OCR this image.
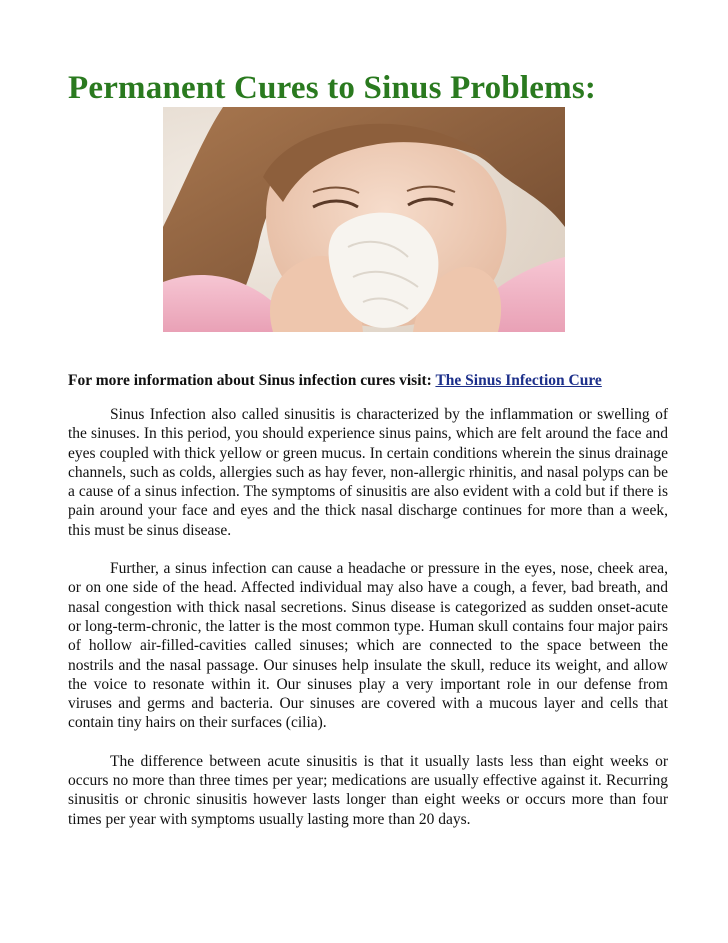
Permanent Cures to Sinus Problems:
For more information about Sinus infection cures visit: The Sinus Infection Cure

Sinus Infection also called sinusitis is characterized by the inflammation or swelling of the sinuses. In this period, you should experience sinus pains, which are felt around the face and eyes coupled with thick yellow or green mucus. In certain conditions wherein the sinus drainage channels, such as colds, allergies such as hay fever, non-allergic rhinitis, and nasal polyps can be a cause of a sinus infection. The symptoms of sinusitis are also evident with a cold but if there is pain around your face and eyes and the thick nasal discharge continues for more than a week, this must be sinus disease.

Further, a sinus infection can cause a headache or pressure in the eyes, nose, cheek area, or on one side of the head. Affected individual may also have a cough, a fever, bad breath, and nasal congestion with thick nasal secretions. Sinus disease is categorized as sudden onset-acute or long-term-chronic, the latter is the most common type. Human skull contains four major pairs of hollow air-filled-cavities called sinuses; which are connected to the space between the nostrils and the nasal passage. Our sinuses help insulate the skull, reduce its weight, and allow the voice to resonate within it. Our sinuses play a very important role in our defense from viruses and germs and bacteria. Our sinuses are covered with a mucous layer and cells that contain tiny hairs on their surfaces (cilia).

The difference between acute sinusitis is that it usually lasts less than eight weeks or occurs no more than three times per year; medications are usually effective against it. Recurring sinusitis or chronic sinusitis however lasts longer than eight weeks or occurs more than four times per year with symptoms usually lasting more than 20 days.
